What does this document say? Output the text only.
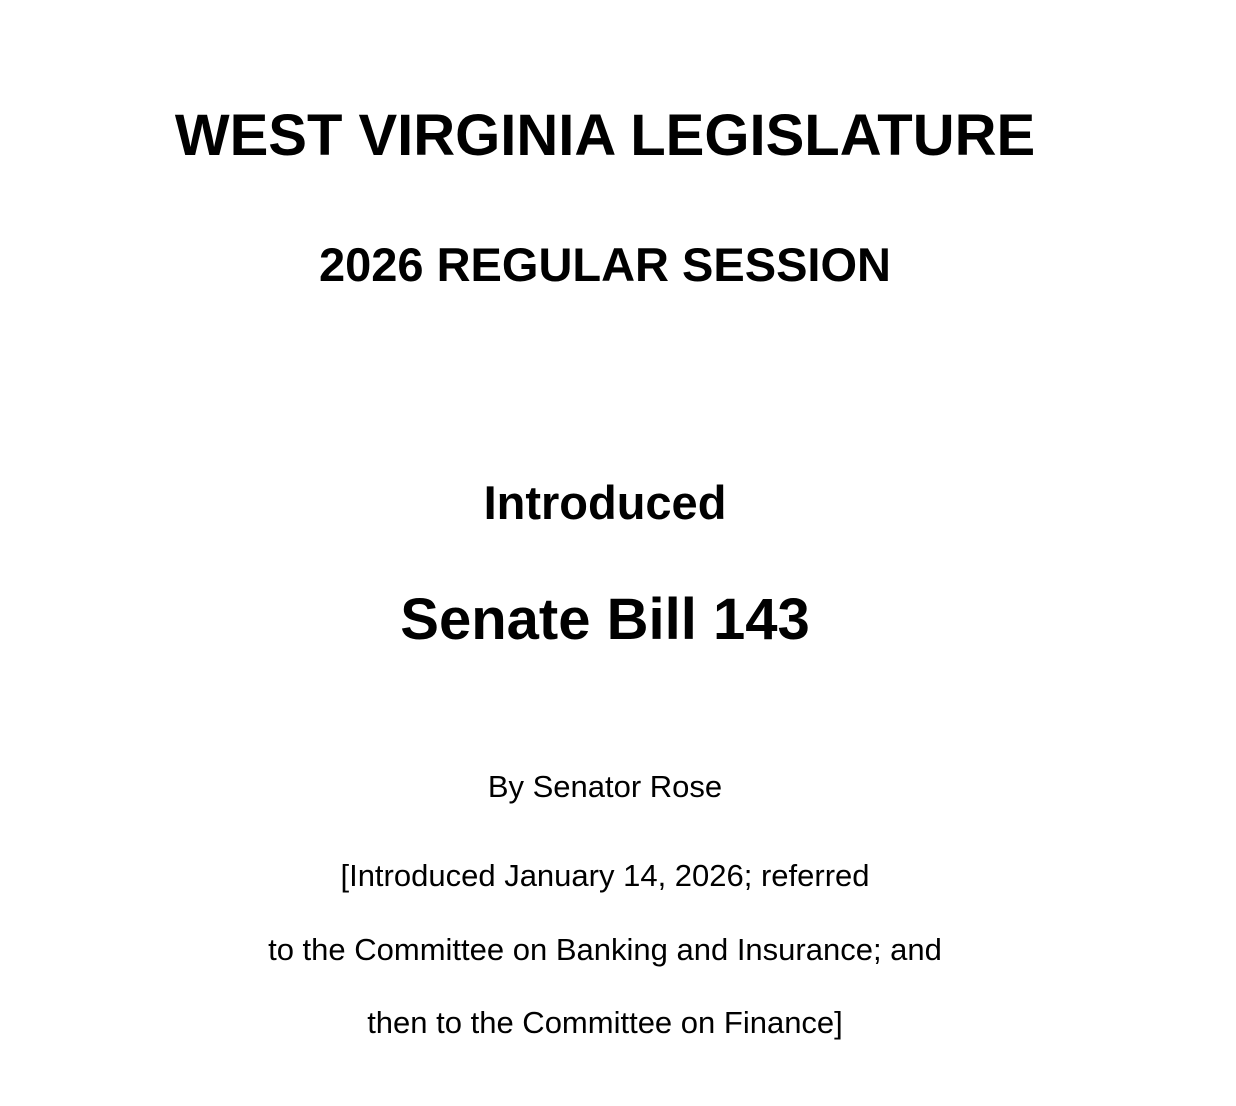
WEST VIRGINIA LEGISLATURE
2026 REGULAR SESSION
Introduced
Senate Bill 143
By Senator Rose
[Introduced January 14, 2026; referred
to the Committee on Banking and Insurance; and
then to the Committee on Finance]
